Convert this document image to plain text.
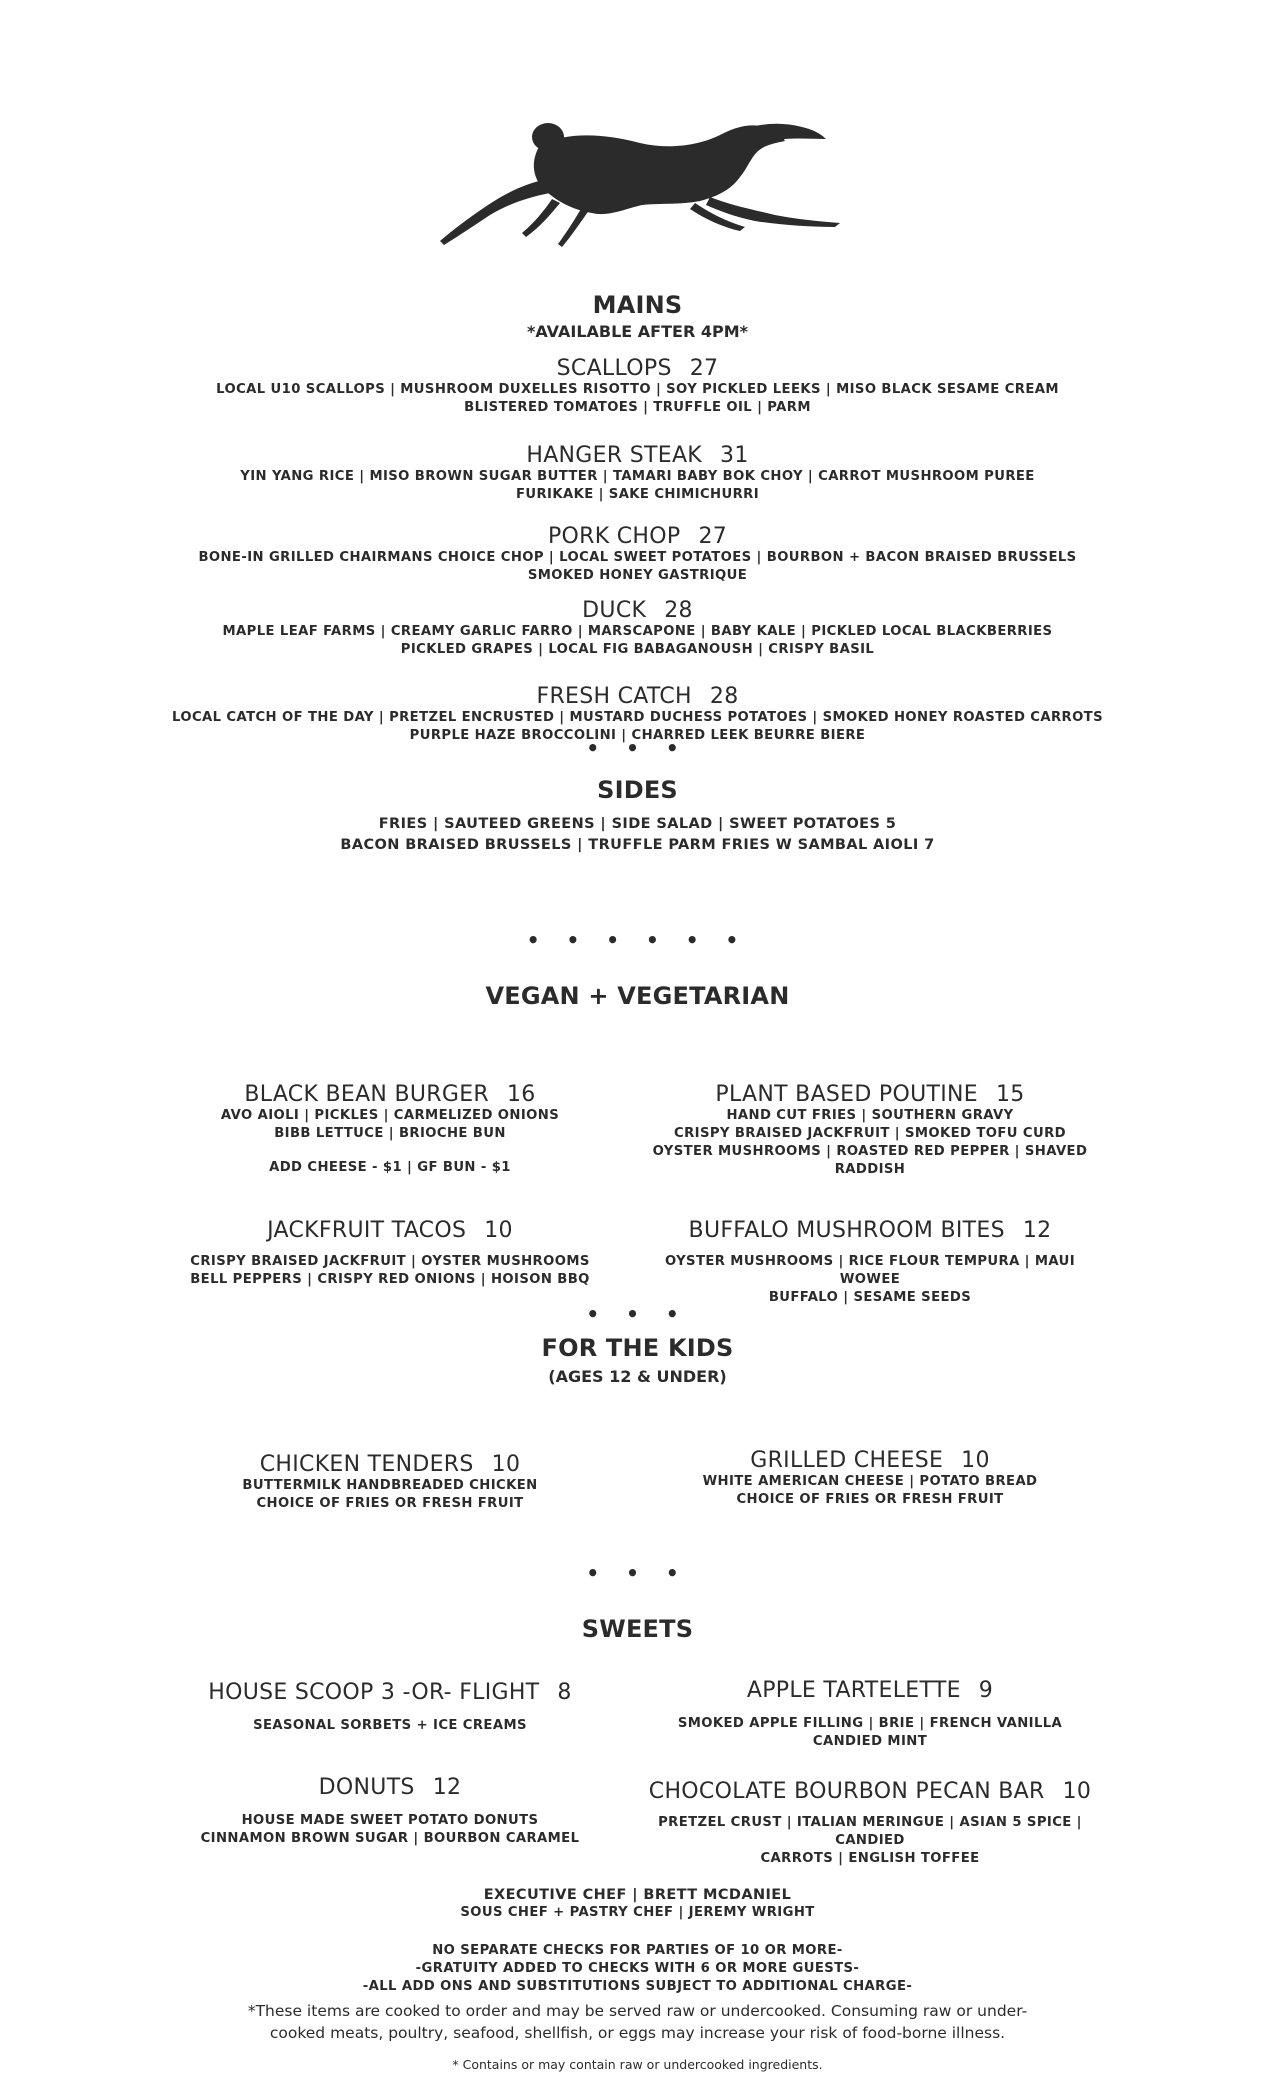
MAINS
*AVAILABLE AFTER 4PM*
SCALLOPS 27
LOCAL U10 SCALLOPS | MUSHROOM DUXELLES RISOTTO | SOY PICKLED LEEKS | MISO BLACK SESAME CREAM
BLISTERED TOMATOES | TRUFFLE OIL | PARM
HANGER STEAK 31
YIN YANG RICE | MISO BROWN SUGAR BUTTER | TAMARI BABY BOK CHOY | CARROT MUSHROOM PUREE
FURIKAKE | SAKE CHIMICHURRI
PORK CHOP 27
BONE-IN GRILLED CHAIRMANS CHOICE CHOP | LOCAL SWEET POTATOES | BOURBON + BACON BRAISED BRUSSELS
SMOKED HONEY GASTRIQUE
DUCK 28
MAPLE LEAF FARMS | CREAMY GARLIC FARRO | MARSCAPONE | BABY KALE | PICKLED LOCAL BLACKBERRIES
PICKLED GRAPES | LOCAL FIG BABAGANOUSH | CRISPY BASIL
FRESH CATCH 28
LOCAL CATCH OF THE DAY | PRETZEL ENCRUSTED | MUSTARD DUCHESS POTATOES | SMOKED HONEY ROASTED CARROTS
PURPLE HAZE BROCCOLINI | CHARRED LEEK BEURRE BIERE
• • •
SIDES
FRIES | SAUTEED GREENS | SIDE SALAD | SWEET POTATOES 5
BACON BRAISED BRUSSELS | TRUFFLE PARM FRIES W SAMBAL AIOLI 7
• • • • • •
VEGAN + VEGETARIAN
BLACK BEAN BURGER 16
AVO AIOLI | PICKLES | CARMELIZED ONIONS
BIBB LETTUCE | BRIOCHE BUN
ADD CHEESE - $1 | GF BUN - $1
PLANT BASED POUTINE 15
HAND CUT FRIES | SOUTHERN GRAVY
CRISPY BRAISED JACKFRUIT | SMOKED TOFU CURD
OYSTER MUSHROOMS | ROASTED RED PEPPER | SHAVED RADDISH
JACKFRUIT TACOS 10
CRISPY BRAISED JACKFRUIT | OYSTER MUSHROOMS
BELL PEPPERS | CRISPY RED ONIONS | HOISON BBQ
BUFFALO MUSHROOM BITES 12
OYSTER MUSHROOMS | RICE FLOUR TEMPURA | MAUI WOWEE
BUFFALO | SESAME SEEDS
• • •
FOR THE KIDS
(AGES 12 & UNDER)
CHICKEN TENDERS 10
BUTTERMILK HANDBREADED CHICKEN
CHOICE OF FRIES OR FRESH FRUIT
GRILLED CHEESE 10
WHITE AMERICAN CHEESE | POTATO BREAD
CHOICE OF FRIES OR FRESH FRUIT
• • •
SWEETS
HOUSE SCOOP 3 -OR- FLIGHT 8
SEASONAL SORBETS + ICE CREAMS
APPLE TARTELETTE 9
SMOKED APPLE FILLING | BRIE | FRENCH VANILLA
CANDIED MINT
DONUTS 12
HOUSE MADE SWEET POTATO DONUTS
CINNAMON BROWN SUGAR | BOURBON CARAMEL
CHOCOLATE BOURBON PECAN BAR 10
PRETZEL CRUST | ITALIAN MERINGUE | ASIAN 5 SPICE | CANDIED
CARROTS | ENGLISH TOFFEE
EXECUTIVE CHEF | BRETT MCDANIEL
SOUS CHEF + PASTRY CHEF | JEREMY WRIGHT
NO SEPARATE CHECKS FOR PARTIES OF 10 OR MORE-
-GRATUITY ADDED TO CHECKS WITH 6 OR MORE GUESTS-
-ALL ADD ONS AND SUBSTITUTIONS SUBJECT TO ADDITIONAL CHARGE-
*These items are cooked to order and may be served raw or undercooked. Consuming raw or under-
cooked meats, poultry, seafood, shellfish, or eggs may increase your risk of food-borne illness.
* Contains or may contain raw or undercooked ingredients.
